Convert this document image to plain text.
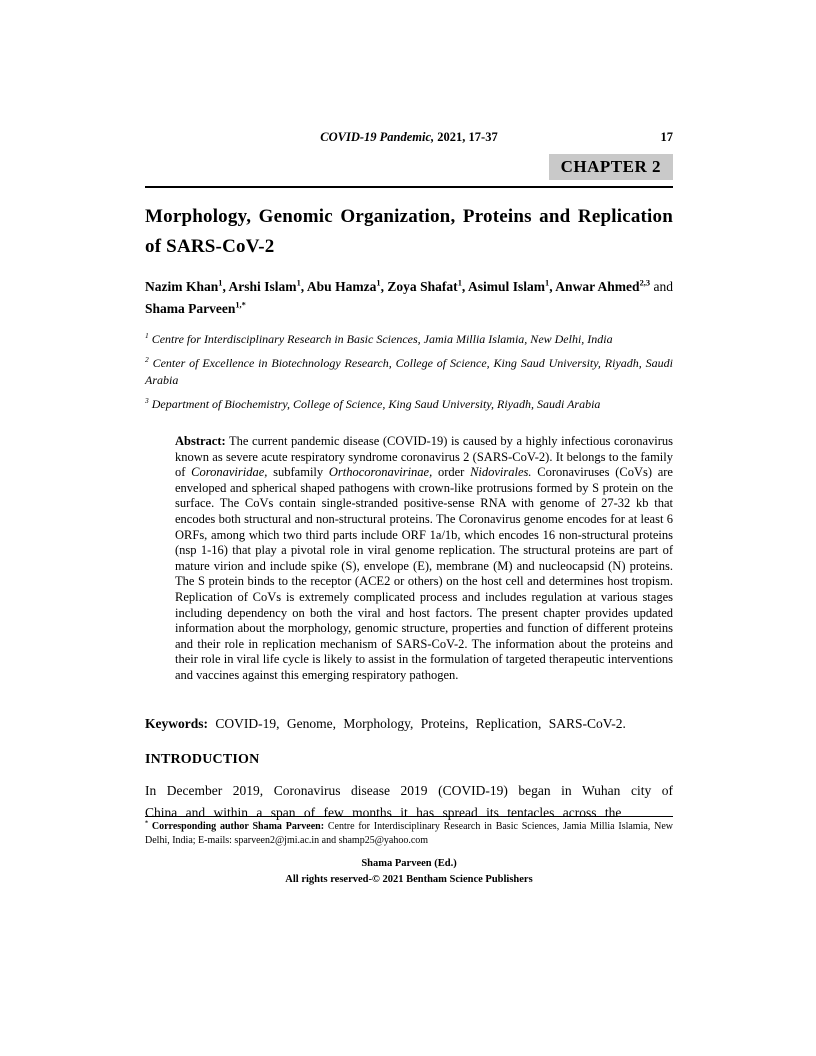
COVID-19 Pandemic, 2021, 17-37	17
CHAPTER 2
Morphology, Genomic Organization, Proteins and Replication of SARS-CoV-2

Nazim Khan$^1$, Arshi Islam$^1$, Abu Hamza$^1$, Zoya Shafat$^1$, Asimul Islam$^1$, Anwar Ahmed$^{2,3}$ and Shama Parveen$^{1,*}$

$^1$ Centre for Interdisciplinary Research in Basic Sciences, Jamia Millia Islamia, New Delhi, India

$^2$ Center of Excellence in Biotechnology Research, College of Science, King Saud University, Riyadh, Saudi Arabia

$^3$ Department of Biochemistry, College of Science, King Saud University, Riyadh, Saudi Arabia

Abstract: The current pandemic disease (COVID-19) is caused by a highly infectious coronavirus known as severe acute respiratory syndrome coronavirus 2 (SARS-CoV-2). It belongs to the family of Coronaviridae, subfamily Orthocoronavirinae, order Nidovirales. Coronaviruses (CoVs) are enveloped and spherical shaped pathogens with crown-like protrusions formed by S protein on the surface. The CoVs contain single-stranded positive-sense RNA with genome of 27-32 kb that encodes both structural and non-structural proteins. The Coronavirus genome encodes for at least 6 ORFs, among which two third parts include ORF 1a/1b, which encodes 16 non-structural proteins (nsp 1-16) that play a pivotal role in viral genome replication. The structural proteins are part of mature virion and include spike (S), envelope (E), membrane (M) and nucleocapsid (N) proteins. The S protein binds to the receptor (ACE2 or others) on the host cell and determines host tropism. Replication of CoVs is extremely complicated process and includes regulation at various stages including dependency on both the viral and host factors. The present chapter provides updated information about the morphology, genomic structure, properties and function of different proteins and their role in replication mechanism of SARS-CoV-2. The information about the proteins and their role in viral life cycle is likely to assist in the formulation of targeted therapeutic interventions and vaccines against this emerging respiratory pathogen.

Keywords: COVID-19, Genome, Morphology, Proteins, Replication, SARS-CoV-2.

INTRODUCTION

In December 2019, Coronavirus disease 2019 (COVID-19) began in Wuhan city of China and within a span of few months it has spread its tentacles across the

* Corresponding author Shama Parveen: Centre for Interdisciplinary Research in Basic Sciences, Jamia Millia Islamia, New Delhi, India; E-mails: sparveen2@jmi.ac.in and shamp25@yahoo.com

Shama Parveen (Ed.)
All rights reserved-© 2021 Bentham Science Publishers
